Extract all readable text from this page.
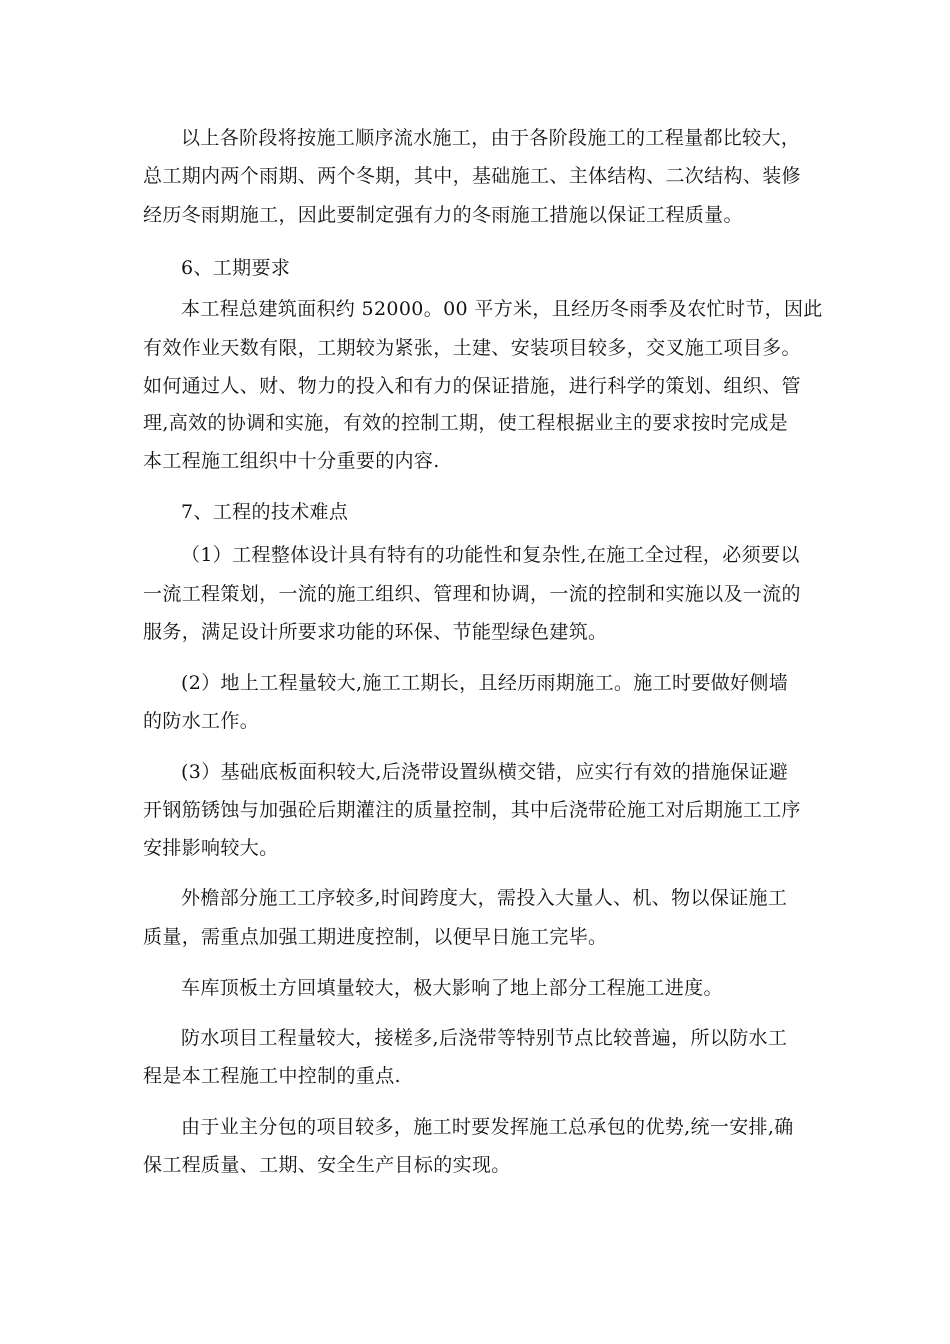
以上各阶段将按施工顺序流水施工，由于各阶段施工的工程量都比较大，
总工期内两个雨期、两个冬期，其中，基础施工、主体结构、二次结构、装修
经历冬雨期施工，因此要制定强有力的冬雨施工措施以保证工程质量。
6、工期要求
本工程总建筑面积约 52000。00 平方米，且经历冬雨季及农忙时节，因此
有效作业天数有限，工期较为紧张，土建、安装项目较多，交叉施工项目多。
如何通过人、财、物力的投入和有力的保证措施，进行科学的策划、组织、管
理,高效的协调和实施，有效的控制工期，使工程根据业主的要求按时完成是
本工程施工组织中十分重要的内容.
7、工程的技术难点
（1）工程整体设计具有特有的功能性和复杂性,在施工全过程，必须要以
一流工程策划，一流的施工组织、管理和协调，一流的控制和实施以及一流的
服务，满足设计所要求功能的环保、节能型绿色建筑。
(2）地上工程量较大,施工工期长，且经历雨期施工。施工时要做好侧墙
的防水工作。
(3）基础底板面积较大,后浇带设置纵横交错，应实行有效的措施保证避
开钢筋锈蚀与加强砼后期灌注的质量控制，其中后浇带砼施工对后期施工工序
安排影响较大。
外檐部分施工工序较多,时间跨度大，需投入大量人、机、物以保证施工
质量，需重点加强工期进度控制，以便早日施工完毕。
车库顶板土方回填量较大，极大影响了地上部分工程施工进度。
防水项目工程量较大，接槎多,后浇带等特别节点比较普遍，所以防水工
程是本工程施工中控制的重点.
由于业主分包的项目较多，施工时要发挥施工总承包的优势,统一安排,确
保工程质量、工期、安全生产目标的实现。
